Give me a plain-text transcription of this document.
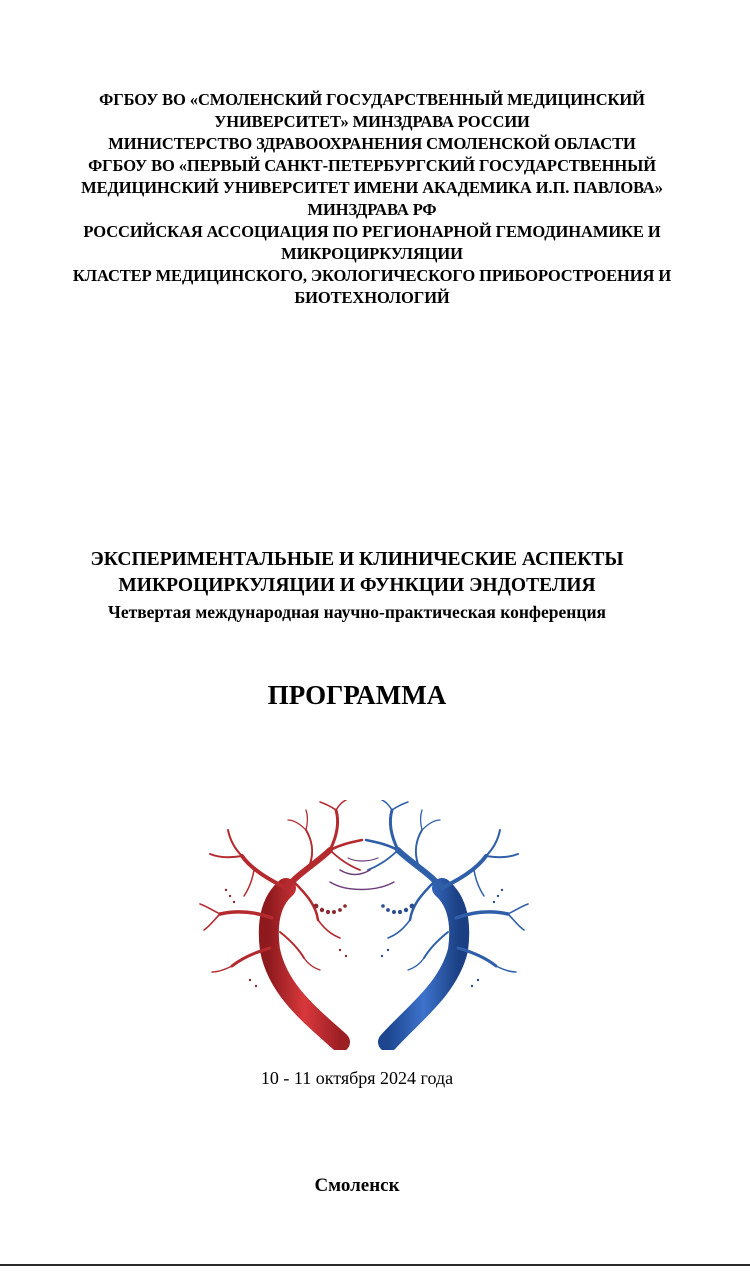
ФГБОУ ВО «СМОЛЕНСКИЙ ГОСУДАРСТВЕННЫЙ МЕДИЦИНСКИЙ
УНИВЕРСИТЕТ» МИНЗДРАВА РОССИИ
МИНИСТЕРСТВО ЗДРАВООХРАНЕНИЯ СМОЛЕНСКОЙ ОБЛАСТИ
ФГБОУ ВО «ПЕРВЫЙ САНКТ-ПЕТЕРБУРГСКИЙ ГОСУДАРСТВЕННЫЙ
МЕДИЦИНСКИЙ УНИВЕРСИТЕТ ИМЕНИ АКАДЕМИКА И.П. ПАВЛОВА»
МИНЗДРАВА РФ
РОССИЙСКАЯ АССОЦИАЦИЯ ПО РЕГИОНАРНОЙ ГЕМОДИНАМИКЕ И
МИКРОЦИРКУЛЯЦИИ
КЛАСТЕР МЕДИЦИНСКОГО, ЭКОЛОГИЧЕСКОГО ПРИБОРОСТРОЕНИЯ И
БИОТЕХНОЛОГИЙ
ЭКСПЕРИМЕНТАЛЬНЫЕ И КЛИНИЧЕСКИЕ АСПЕКТЫ
МИКРОЦИРКУЛЯЦИИ И ФУНКЦИИ ЭНДОТЕЛИЯ
Четвертая международная научно-практическая конференция
ПРОГРАММА
10 - 11 октября 2024 года
Смоленск
